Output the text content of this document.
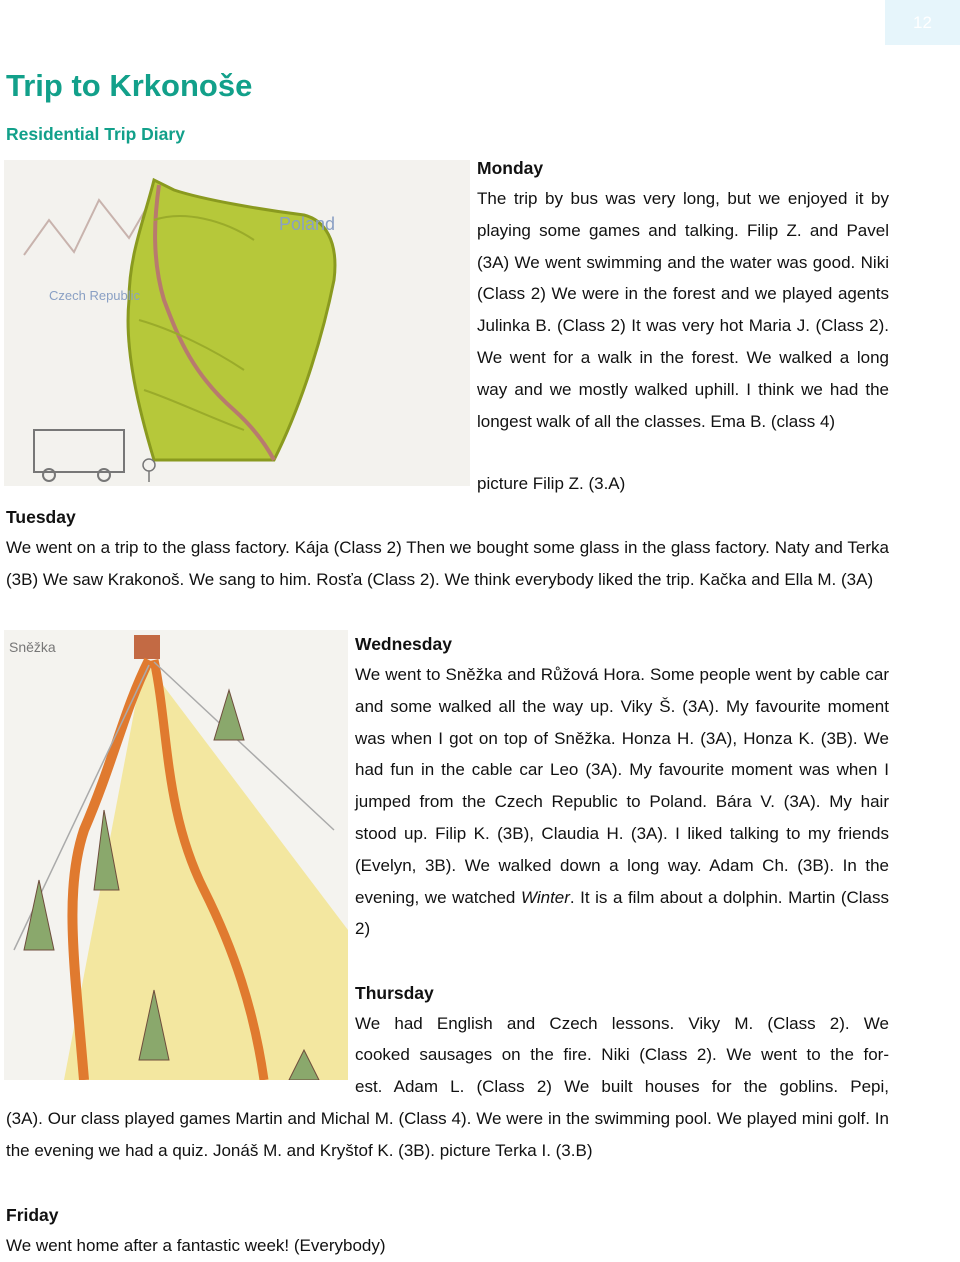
12
Trip to Krkonoše
Residential Trip Diary
Poland
Czech Republic
Monday

The trip by bus was very long, but we enjoyed it by playing some games and talking. Filip Z. and Pavel (3A) We went swimming and the water was good. Niki (Class 2) We were in the forest and we played agents Julinka B. (Class 2) It was very hot Maria J. (Class 2). We went for a walk in the forest. We walked a long way and we mostly walked uphill. I think we had the longest walk of all the classes. Ema B. (class 4)

picture Filip Z. (3.A)

Tuesday

We went on a trip to the glass factory. Kája (Class 2) Then we bought some glass in the glass factory. Naty and Terka (3B) We saw Krakonoš. We sang to him. Rosťa (Class 2). We think everybody liked the trip. Kačka and Ella M. (3A)

Sněžka	Wednesday

We went to Sněžka and Růžová Hora. Some people went by cable car and some walked all the way up. Viky Š. (3A). My favourite moment was when I got on top of Sněžka. Honza H. (3A), Honza K. (3B). We had fun in the cable car Leo (3A). My favourite moment was when I jumped from the Czech Republic to Poland. Bára V. (3A). My hair stood up. Filip K. (3B), Claudia H. (3A). I liked talking to my friends (Evelyn, 3B). We walked down a long way. Adam Ch. (3B). In the evening, we watched Winter. It is a film about a dolphin. Martin (Class 2)

Thursday

We had English and Czech lessons. Viky M. (Class 2). We

cooked sausages on the fire. Niki (Class 2). We went to the for-

est. Adam L. (Class 2) We built houses for the goblins. Pepi,

(3A). Our class played games Martin and Michal M. (Class 4). We were in the swimming pool. We played mini golf. In the evening we had a quiz. Jonáš M. and Kryštof K. (3B). picture Terka I. (3.B)

Friday

We went home after a fantastic week! (Everybody)
